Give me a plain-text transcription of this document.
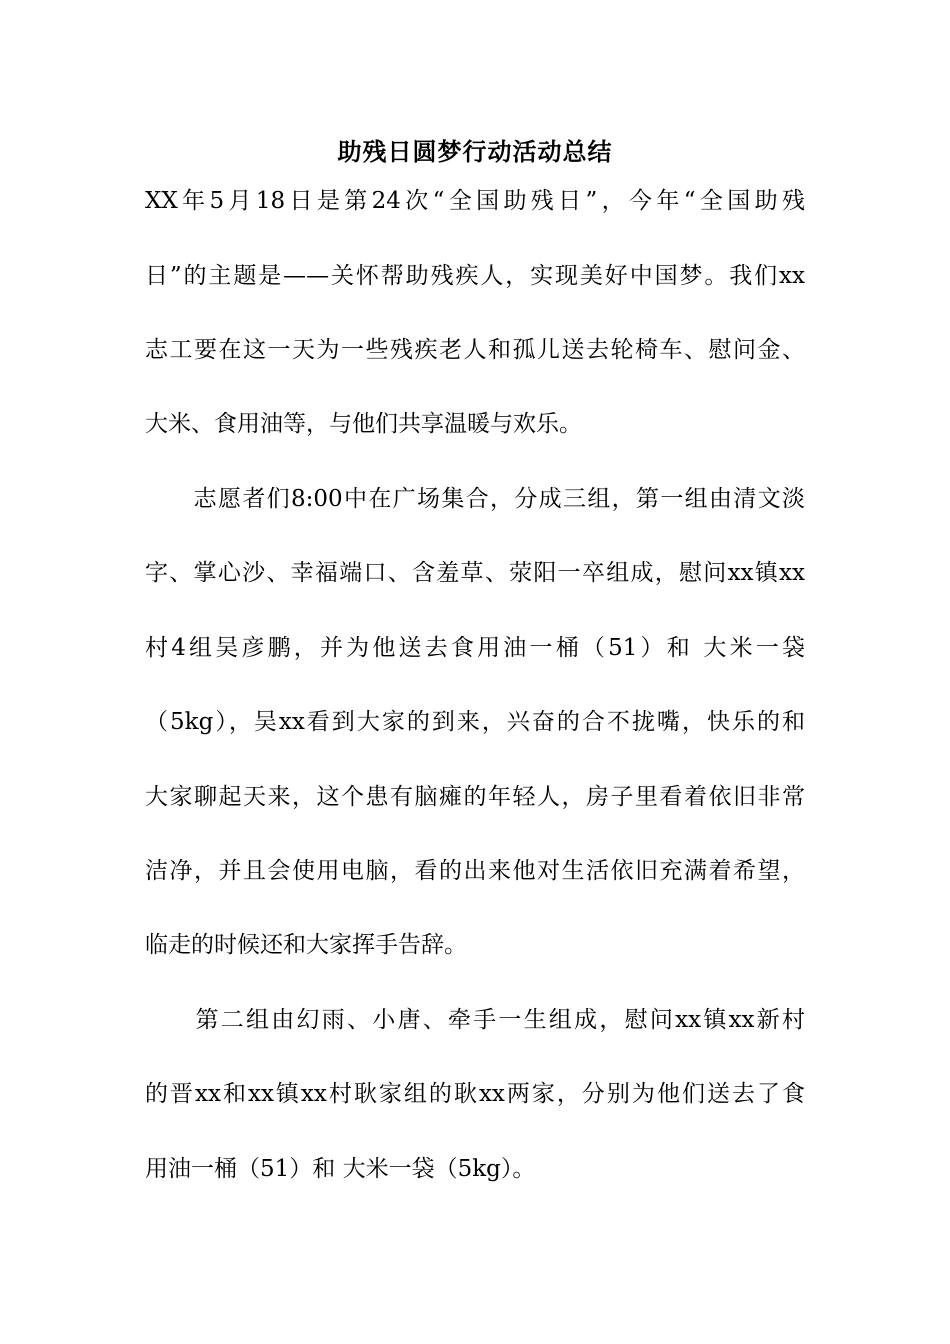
助残日圆梦行动活动总结
XX年5月18日是第24次“全国助残日”，今年“全国助残
日”的主题是——关怀帮助残疾人，实现美好中国梦。我们xx
志工要在这一天为一些残疾老人和孤儿送去轮椅车、慰问金、
大米、食用油等，与他们共享温暖与欢乐。
　　志愿者们8:00中在广场集合，分成三组，第一组由清文淡
字、掌心沙、幸福端口、含羞草、荥阳一卒组成，慰问xx镇xx
村4组吴彦鹏，并为他送去食用油一桶（51）和 大米一袋
（5kg），吴xx看到大家的到来，兴奋的合不拢嘴，快乐的和
大家聊起天来，这个患有脑瘫的年轻人，房子里看着依旧非常
洁净，并且会使用电脑，看的出来他对生活依旧充满着希望，
临走的时候还和大家挥手告辞。
　　第二组由幻雨、小唐、牵手一生组成，慰问xx镇xx新村
的晋xx和xx镇xx村耿家组的耿xx两家，分别为他们送去了食
用油一桶（51）和 大米一袋（5kg）。
